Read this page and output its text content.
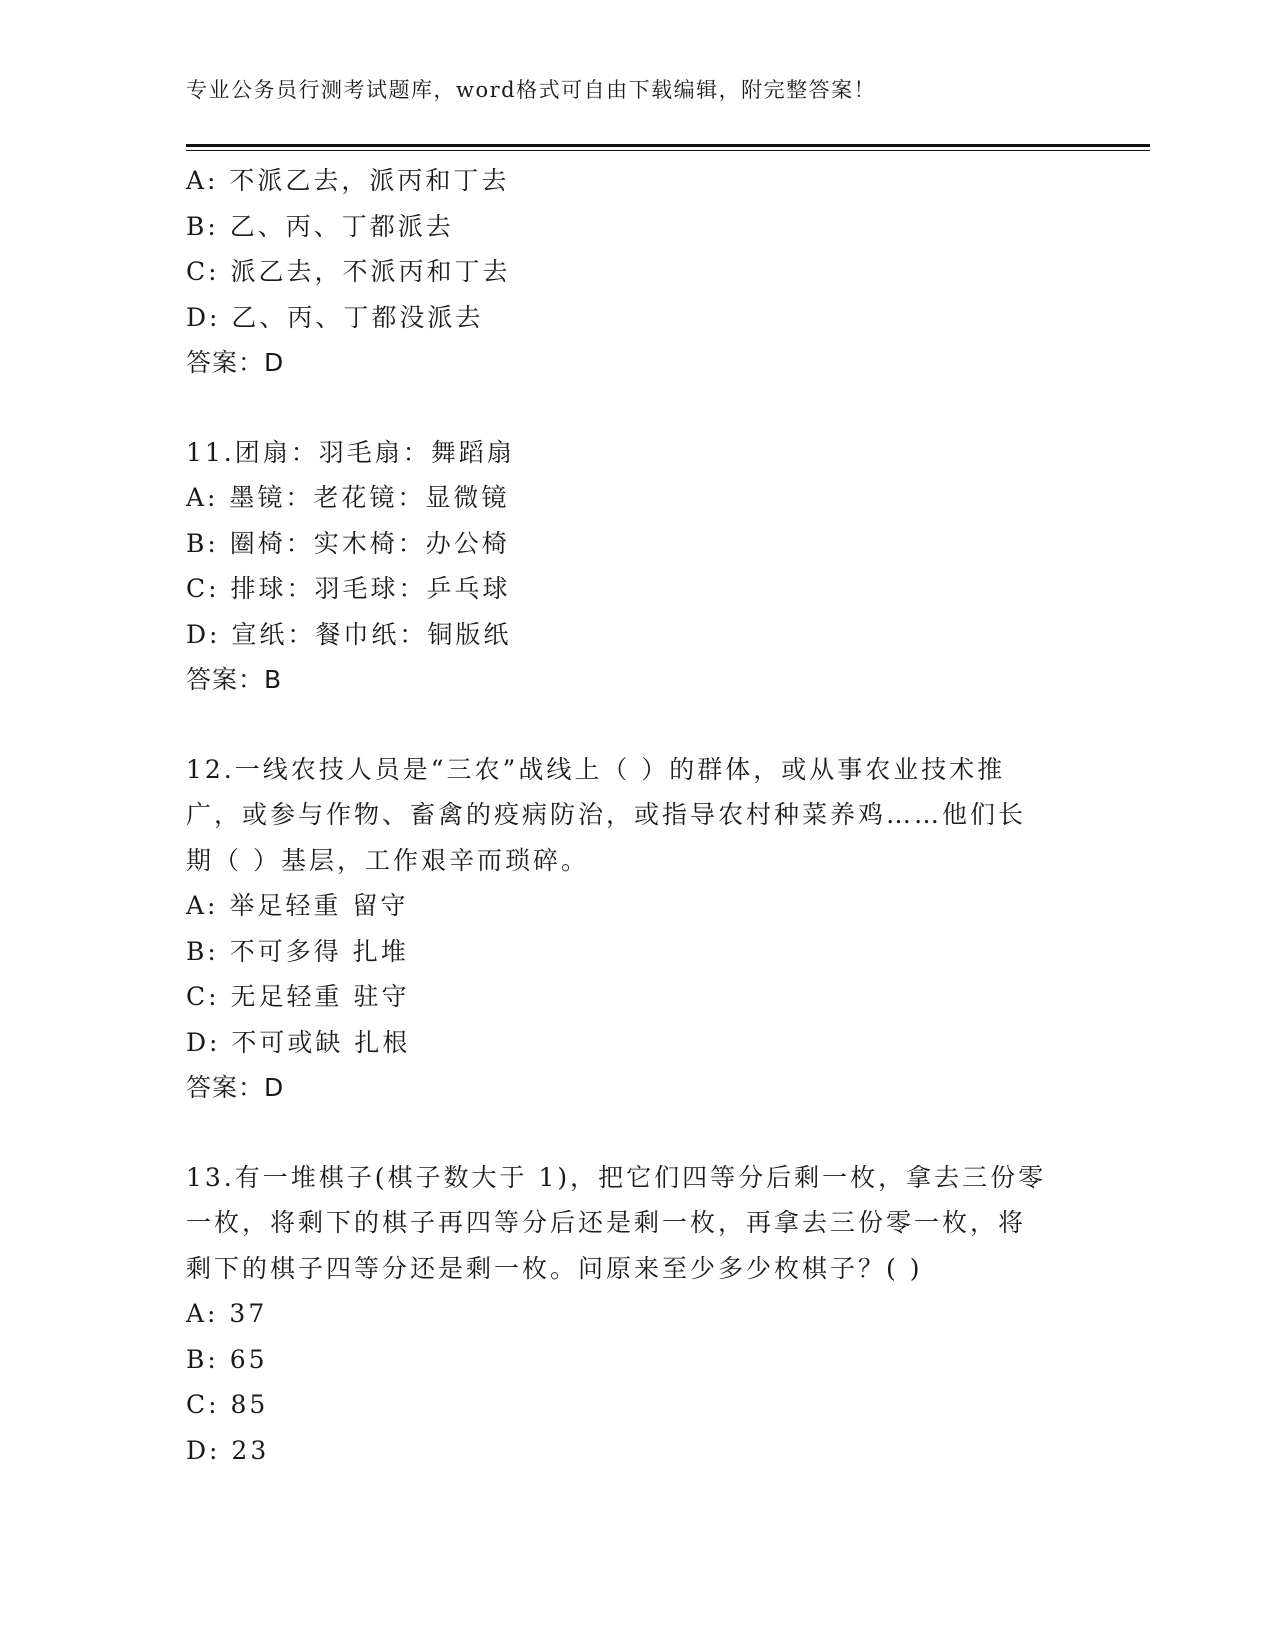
专业公务员行测考试题库，word格式可自由下载编辑，附完整答案！
A: 不派乙去，派丙和丁去
B: 乙、丙、丁都派去
C: 派乙去，不派丙和丁去
D: 乙、丙、丁都没派去
答案：D
11.团扇：羽毛扇：舞蹈扇
A: 墨镜：老花镜：显微镜
B: 圈椅：实木椅：办公椅
C: 排球：羽毛球：乒乓球
D: 宣纸：餐巾纸：铜版纸
答案：B
12.一线农技人员是“三农”战线上（ ）的群体，或从事农业技术推
广，或参与作物、畜禽的疫病防治，或指导农村种菜养鸡……他们长
期（ ）基层，工作艰辛而琐碎。
A: 举足轻重 留守
B: 不可多得 扎堆
C: 无足轻重 驻守
D: 不可或缺 扎根
答案：D
13.有一堆棋子(棋子数大于 1)，把它们四等分后剩一枚，拿去三份零
一枚，将剩下的棋子再四等分后还是剩一枚，再拿去三份零一枚，将
剩下的棋子四等分还是剩一枚。问原来至少多少枚棋子？( )
A: 37
B: 65
C: 85
D: 23
